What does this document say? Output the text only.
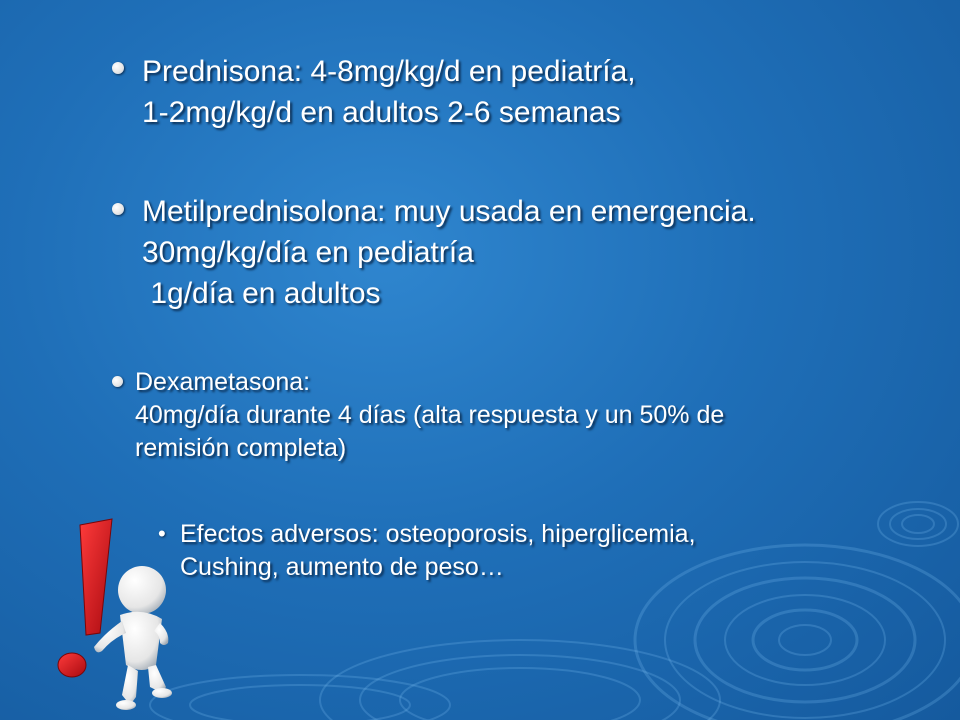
Prednisona: 4-8mg/kg/d en pediatría,
1-2mg/kg/d en adultos 2-6 semanas
Metilprednisolona: muy usada en emergencia.
30mg/kg/día en pediatría
1g/día en adultos
Dexametasona:
40mg/día durante 4 días (alta respuesta y un 50% de
remisión completa)
• Efectos adversos: osteoporosis, hiperglicemia,
Cushing, aumento de peso…
